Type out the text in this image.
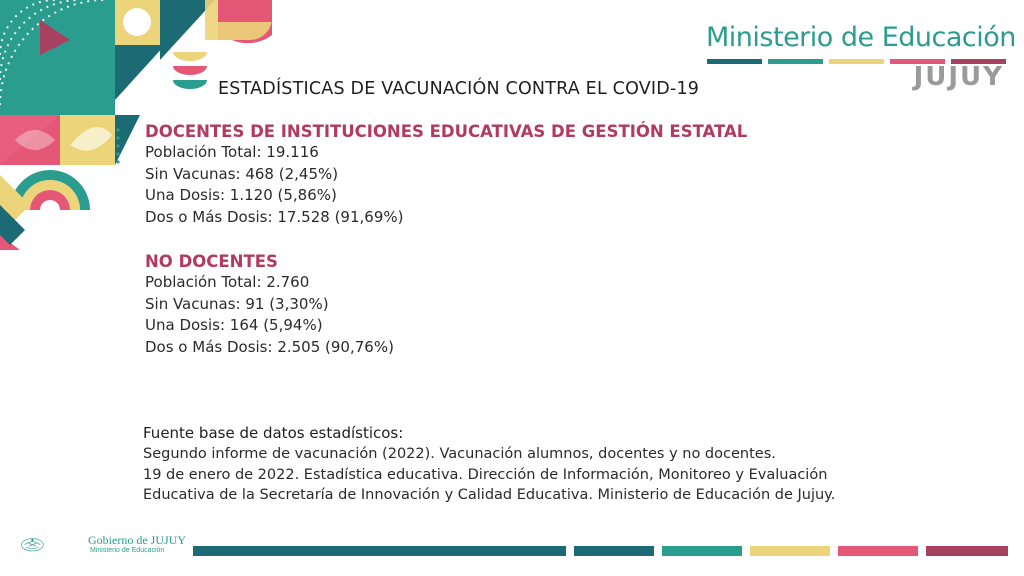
Ministerio de Educación
JUJUY
ESTADÍSTICAS DE VACUNACIÓN CONTRA EL COVID-19
DOCENTES DE INSTITUCIONES EDUCATIVAS DE GESTIÓN ESTATAL
Población Total: 19.116
Sin Vacunas: 468 (2,45%)
Una Dosis: 1.120 (5,86%)
Dos o Más Dosis: 17.528 (91,69%)
NO DOCENTES
Población Total: 2.760
Sin Vacunas: 91 (3,30%)
Una Dosis: 164 (5,94%)
Dos o Más Dosis: 2.505 (90,76%)
Fuente base de datos estadísticos:
Segundo informe de vacunación (2022). Vacunación alumnos, docentes y no docentes.
19 de enero de 2022. Estadística educativa. Dirección de Información, Monitoreo y Evaluación
Educativa de la Secretaría de Innovación y Calidad Educativa. Ministerio de Educación de Jujuy.
Gobierno de JUJUY
Ministerio de Educación
